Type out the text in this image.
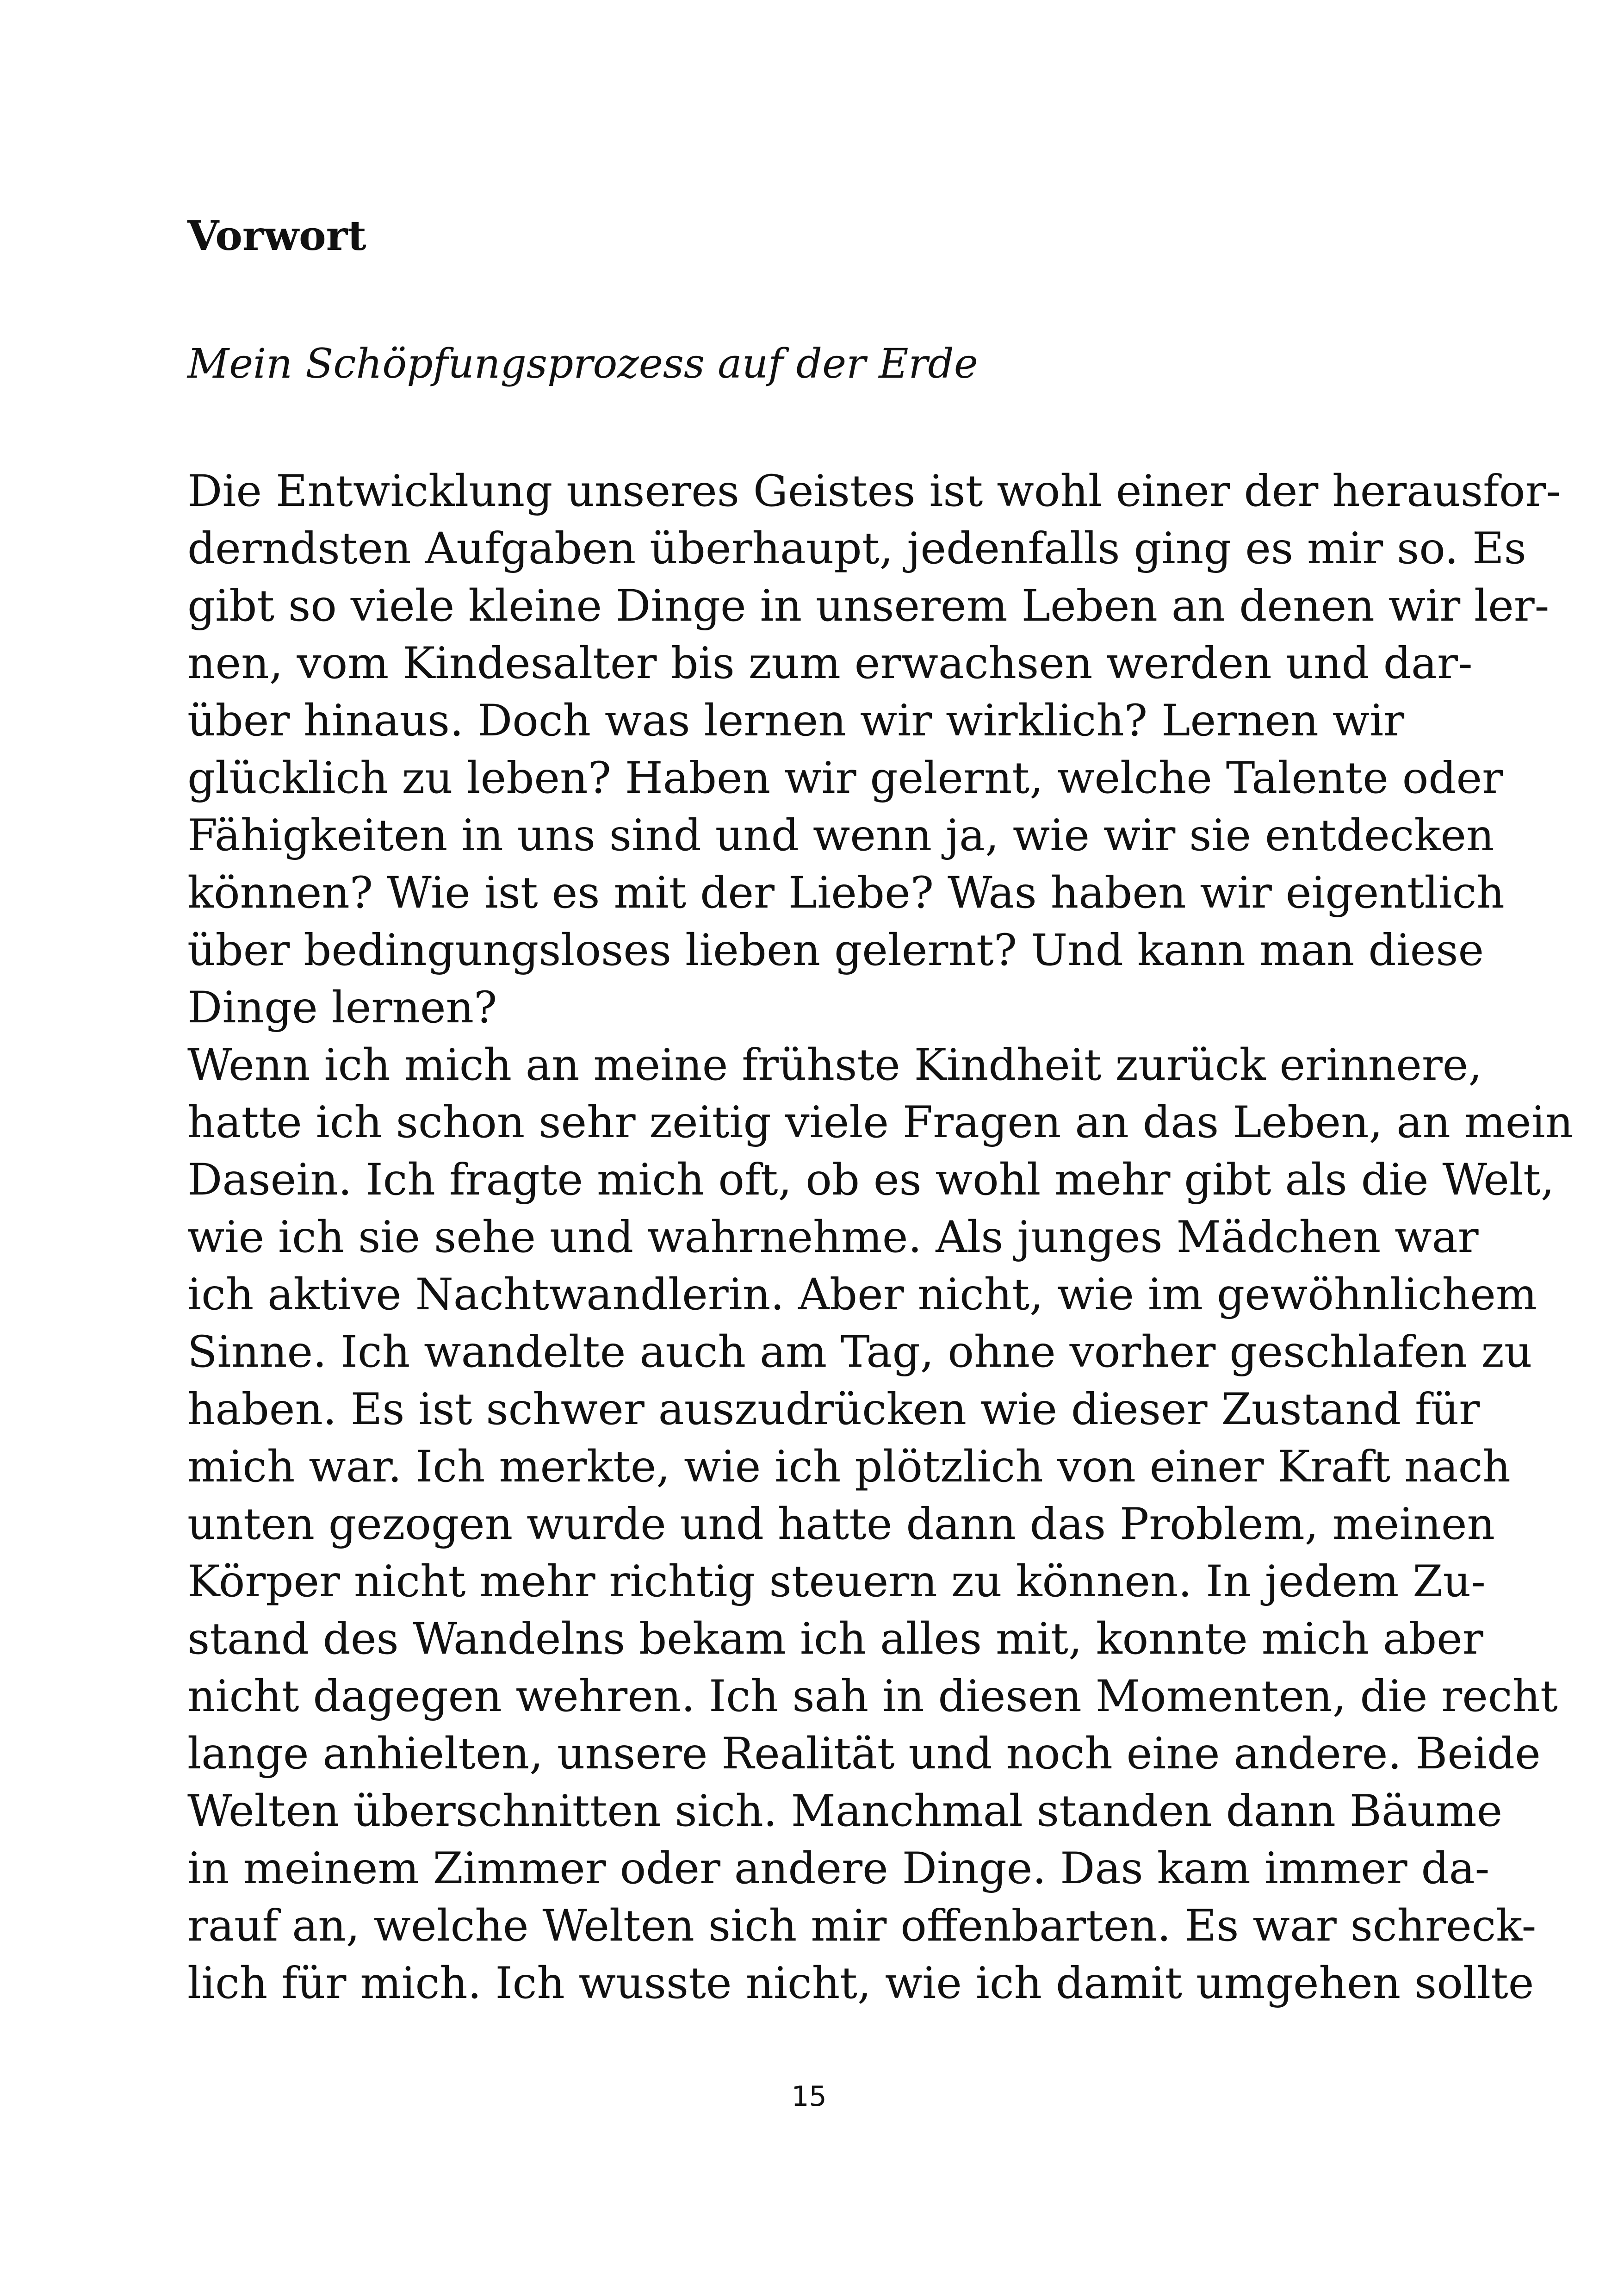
Vorwort
Mein Schöpfungsprozess auf der Erde
Die Entwicklung unseres Geistes ist wohl einer der herausfor-
derndsten Aufgaben überhaupt, jedenfalls ging es mir so. Es
gibt so viele kleine Dinge in unserem Leben an denen wir ler-
nen, vom Kindesalter bis zum erwachsen werden und dar-
über hinaus. Doch was lernen wir wirklich? Lernen wir
glücklich zu leben? Haben wir gelernt, welche Talente oder
Fähigkeiten in uns sind und wenn ja, wie wir sie entdecken
können? Wie ist es mit der Liebe? Was haben wir eigentlich
über bedingungsloses lieben gelernt? Und kann man diese
Dinge lernen?
Wenn ich mich an meine frühste Kindheit zurück erinnere,
hatte ich schon sehr zeitig viele Fragen an das Leben, an mein
Dasein. Ich fragte mich oft, ob es wohl mehr gibt als die Welt,
wie ich sie sehe und wahrnehme. Als junges Mädchen war
ich aktive Nachtwandlerin. Aber nicht, wie im gewöhnlichem
Sinne. Ich wandelte auch am Tag, ohne vorher geschlafen zu
haben. Es ist schwer auszudrücken wie dieser Zustand für
mich war. Ich merkte, wie ich plötzlich von einer Kraft nach
unten gezogen wurde und hatte dann das Problem, meinen
Körper nicht mehr richtig steuern zu können. In jedem Zu-
stand des Wandelns bekam ich alles mit, konnte mich aber
nicht dagegen wehren. Ich sah in diesen Momenten, die recht
lange anhielten, unsere Realität und noch eine andere. Beide
Welten überschnitten sich. Manchmal standen dann Bäume
in meinem Zimmer oder andere Dinge. Das kam immer da-
rauf an, welche Welten sich mir offenbarten. Es war schreck-
lich für mich. Ich wusste nicht, wie ich damit umgehen sollte
15
